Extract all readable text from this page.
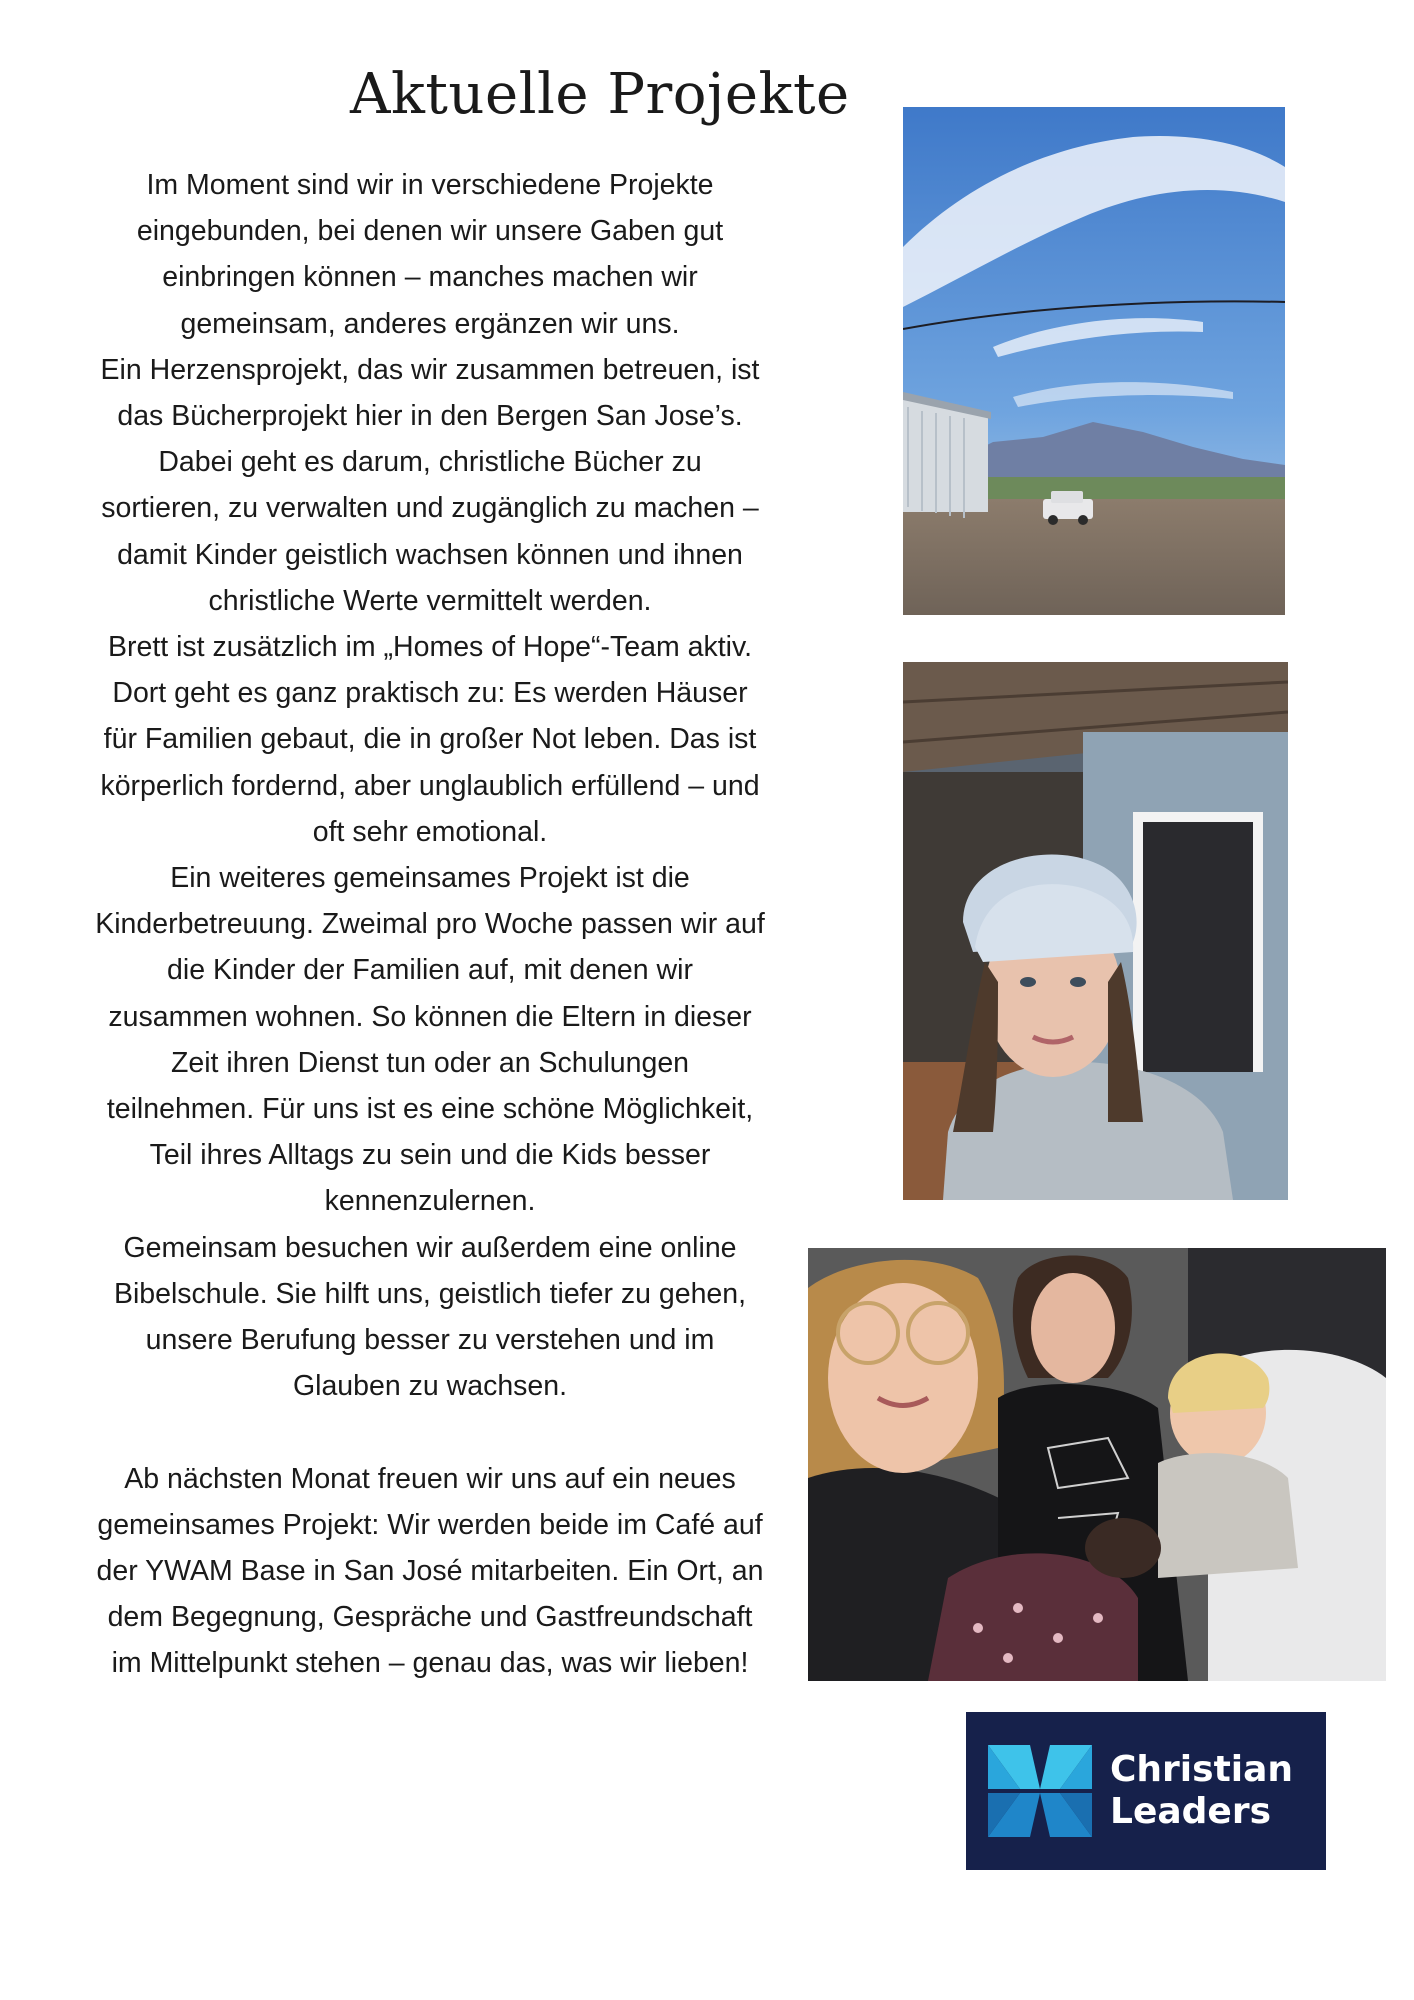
Aktuelle Projekte

Im Moment sind wir in verschiedene Projekte eingebunden, bei denen wir unsere Gaben gut einbringen können – manches machen wir gemeinsam, anderes ergänzen wir uns.

Ein Herzensprojekt, das wir zusammen betreuen, ist das Bücherprojekt hier in den Bergen San Jose’s. Dabei geht es darum, christliche Bücher zu sortieren, zu verwalten und zugänglich zu machen – damit Kinder geistlich wachsen können und ihnen christliche Werte vermittelt werden.

Brett ist zusätzlich im „Homes of Hope“-Team aktiv. Dort geht es ganz praktisch zu: Es werden Häuser für Familien gebaut, die in großer Not leben. Das ist körperlich fordernd, aber unglaublich erfüllend – und oft sehr emotional.

Ein weiteres gemeinsames Projekt ist die Kinderbetreuung. Zweimal pro Woche passen wir auf die Kinder der Familien auf, mit denen wir zusammen wohnen. So können die Eltern in dieser Zeit ihren Dienst tun oder an Schulungen teilnehmen. Für uns ist es eine schöne Möglichkeit, Teil ihres Alltags zu sein und die Kids besser kennenzulernen.

Gemeinsam besuchen wir außerdem eine online Bibelschule. Sie hilft uns, geistlich tiefer zu gehen, unsere Berufung besser zu verstehen und im Glauben zu wachsen.

Ab nächsten Monat freuen wir uns auf ein neues gemeinsames Projekt: Wir werden beide im Café auf der YWAM Base in San José mitarbeiten. Ein Ort, an dem Begegnung, Gespräche und Gastfreundschaft im Mittelpunkt stehen – genau das, was wir lieben!

Christian
Leaders
